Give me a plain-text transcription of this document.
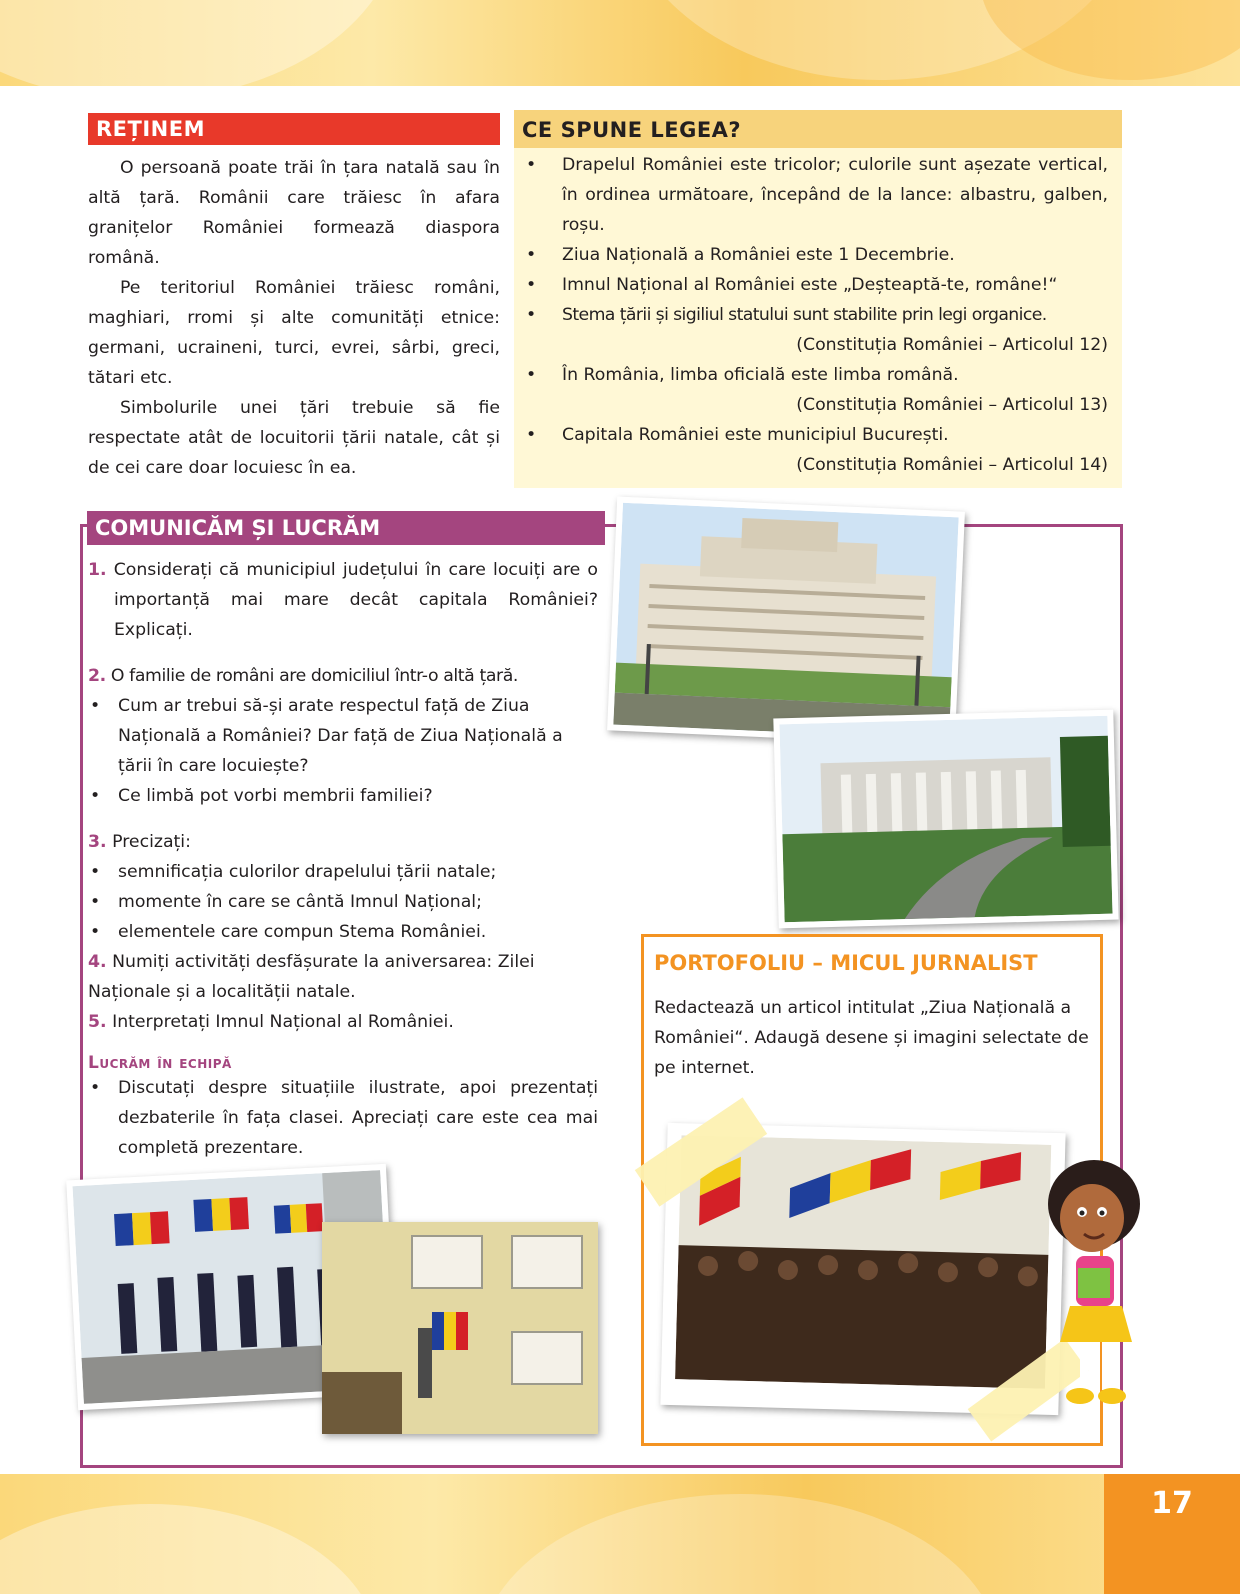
17
REȚINEM

O persoană poate trăi în țara natală sau în altă țară. Românii care trăiesc în afara granițelor României formează diaspora română.

Pe teritoriul României trăiesc români, maghiari, rromi și alte comunități etnice: germani, ucraineni, turci, evrei, sârbi, greci, tătari etc.

Simbolurile unei țări trebuie să fie respectate atât de locuitorii țării natale, cât și de cei care doar locuiesc în ea.

CE SPUNE LEGEA?
• Drapelul României este tricolor; culorile sunt așezate vertical, în ordinea următoare, începând de la lance: albastru, galben, roșu.
• Ziua Națională a României este 1 Decembrie.
• Imnul Național al României este „Deșteaptă-te, române!“
• Stema țării și sigiliul statului sunt stabilite prin legi organice.
(Constituția României – Articolul 12)
• În România, limba oficială este limba română.
(Constituția României – Articolul 13)
• Capitala României este municipiul București.
(Constituția României – Articolul 14)
COMUNICĂM ȘI LUCRĂM
1. Considerați că municipiul județului în care locuiți are o importanță mai mare decât capitala României? Explicați.
2. O familie de români are domiciliul într-o altă țară.
• Cum ar trebui să-și arate respectul față de Ziua Națională a României? Dar față de Ziua Națională a țării în care locuiește?
• Ce limbă pot vorbi membrii familiei?
3. Precizați:
• semnificația culorilor drapelului țării natale;
• momente în care se cântă Imnul Național;
• elementele care compun Stema României.
4. Numiți activități desfășurate la aniversarea: Zilei Naționale și a localității natale.
5. Interpretați Imnul Național al României.
Lucrăm în echipă
• Discutați despre situațiile ilustrate, apoi prezentați dezbaterile în fața clasei. Apreciați care este cea mai completă prezentare.
PORTOFOLIU – MICUL JURNALIST
Redactează un articol intitulat „Ziua Națională a României“. Adaugă desene și imagini selectate de pe internet.
